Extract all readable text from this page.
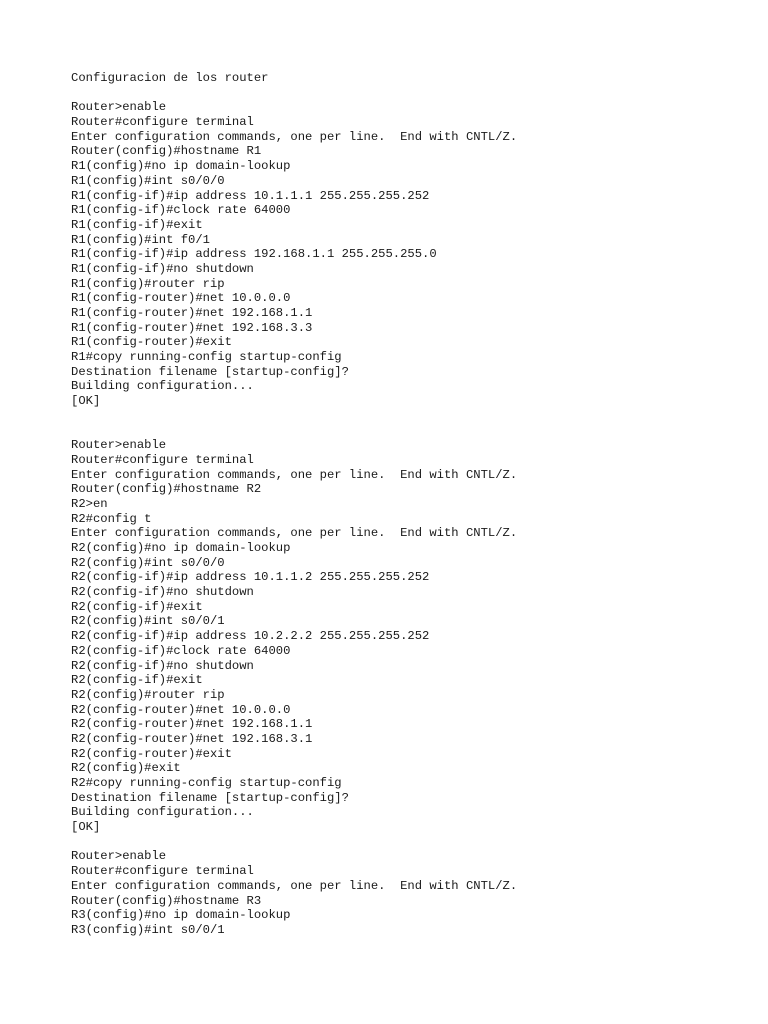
Configuracion de los router
Router>enable
Router#configure terminal
Enter configuration commands, one per line.  End with CNTL/Z.
Router(config)#hostname R1
R1(config)#no ip domain-lookup
R1(config)#int s0/0/0
R1(config-if)#ip address 10.1.1.1 255.255.255.252
R1(config-if)#clock rate 64000
R1(config-if)#exit
R1(config)#int f0/1
R1(config-if)#ip address 192.168.1.1 255.255.255.0
R1(config-if)#no shutdown
R1(config)#router rip
R1(config-router)#net 10.0.0.0
R1(config-router)#net 192.168.1.1
R1(config-router)#net 192.168.3.3
R1(config-router)#exit
R1#copy running-config startup-config
Destination filename [startup-config]?
Building configuration...
[OK]
Router>enable
Router#configure terminal
Enter configuration commands, one per line.  End with CNTL/Z.
Router(config)#hostname R2
R2>en
R2#config t
Enter configuration commands, one per line.  End with CNTL/Z.
R2(config)#no ip domain-lookup
R2(config)#int s0/0/0
R2(config-if)#ip address 10.1.1.2 255.255.255.252
R2(config-if)#no shutdown
R2(config-if)#exit
R2(config)#int s0/0/1
R2(config-if)#ip address 10.2.2.2 255.255.255.252
R2(config-if)#clock rate 64000
R2(config-if)#no shutdown
R2(config-if)#exit
R2(config)#router rip
R2(config-router)#net 10.0.0.0
R2(config-router)#net 192.168.1.1
R2(config-router)#net 192.168.3.1
R2(config-router)#exit
R2(config)#exit
R2#copy running-config startup-config
Destination filename [startup-config]?
Building configuration...
[OK]
Router>enable
Router#configure terminal
Enter configuration commands, one per line.  End with CNTL/Z.
Router(config)#hostname R3
R3(config)#no ip domain-lookup
R3(config)#int s0/0/1
